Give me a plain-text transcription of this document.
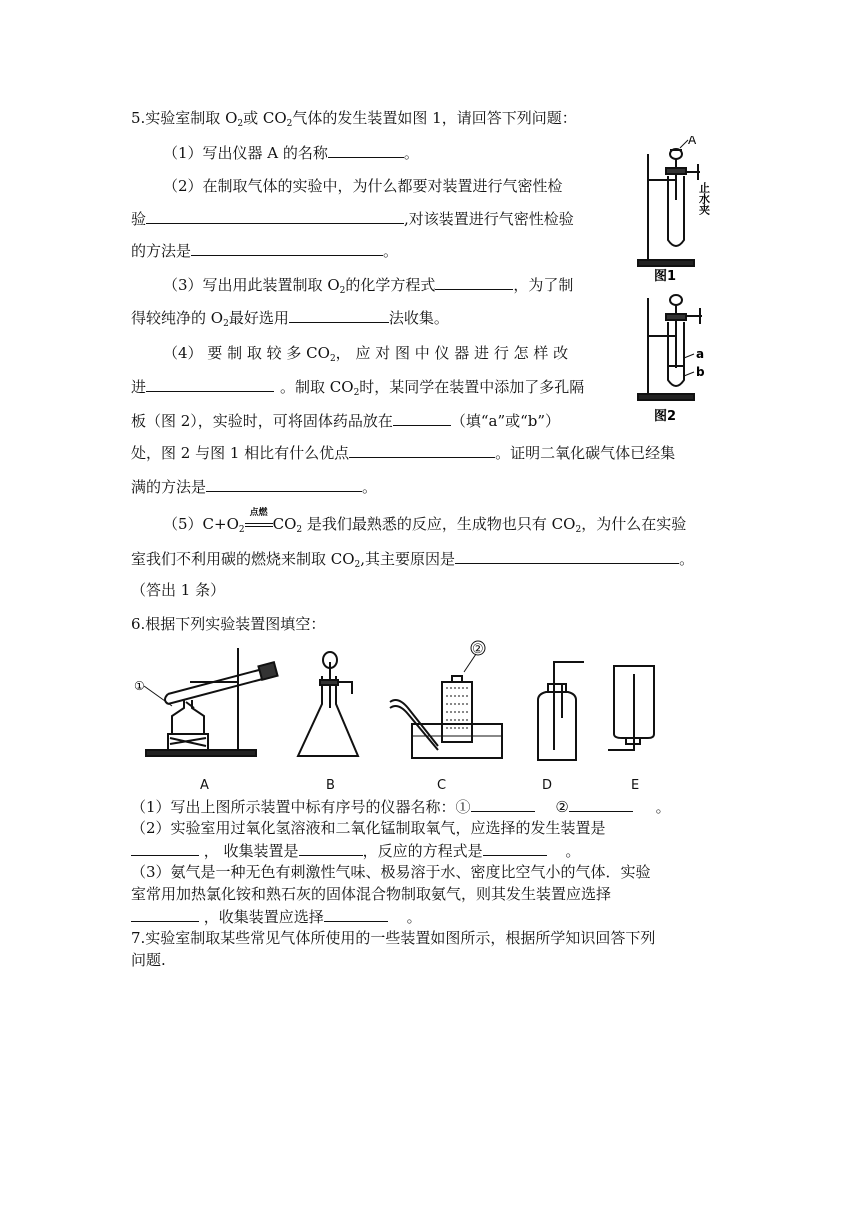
5.实验室制取 $O_2$或 $CO_2$气体的发生装置如图 1，请回答下列问题：
（1）写出仪器 A 的名称	。
（2）在制取气体的实验中，为什么都要对装置进行气密性检
验	,对该装置进行气密性检验
的方法是	。
（3）写出用此装置制取 $O_2$的化学方程式	，为了制
得较纯净的 $O_2$最好选用	法收集。
（4） 要 制 取 较 多 $CO_2$， 应 对 图 中 仪 器 进 行 怎 样 改
进	。制取 $CO_2$时，某同学在装置中添加了多孔隔
板（图 2），实验时，可将固体药品放在	（填“a”或“b”）
处，图 2 与图 1 相比有什么优点	。证明二氧化碳气体已经集
满的方法是	。
$(5)C+O_2$
点燃
$CO_2$ 是我们最熟悉的反应，生成物也只有 $CO_2$，为什么在实验
室我们不利用碳的燃烧来制取 $CO_2$,其主要原因是	。
（答出 1 条）
A
止水夹
图1
a
b
图2
6.根据下列实验装置图填空：
①
A	B	C	D	E
②
（1）写出上图所示装置中标有序号的仪器名称：①	②	。
（2）实验室用过氧化氢溶液和二氧化锰制取氧气，应选择的发生装置是
， 收集装置是	，反应的方程式是	。
（3）氨气是一种无色有刺激性气味、极易溶于水、密度比空气小的气体．实验
室常用加热氯化铵和熟石灰的固体混合物制取氨气，则其发生装置应选择
，收集装置应选择	。
7.实验室制取某些常见气体所使用的一些装置如图所示，根据所学知识回答下列
问题.
